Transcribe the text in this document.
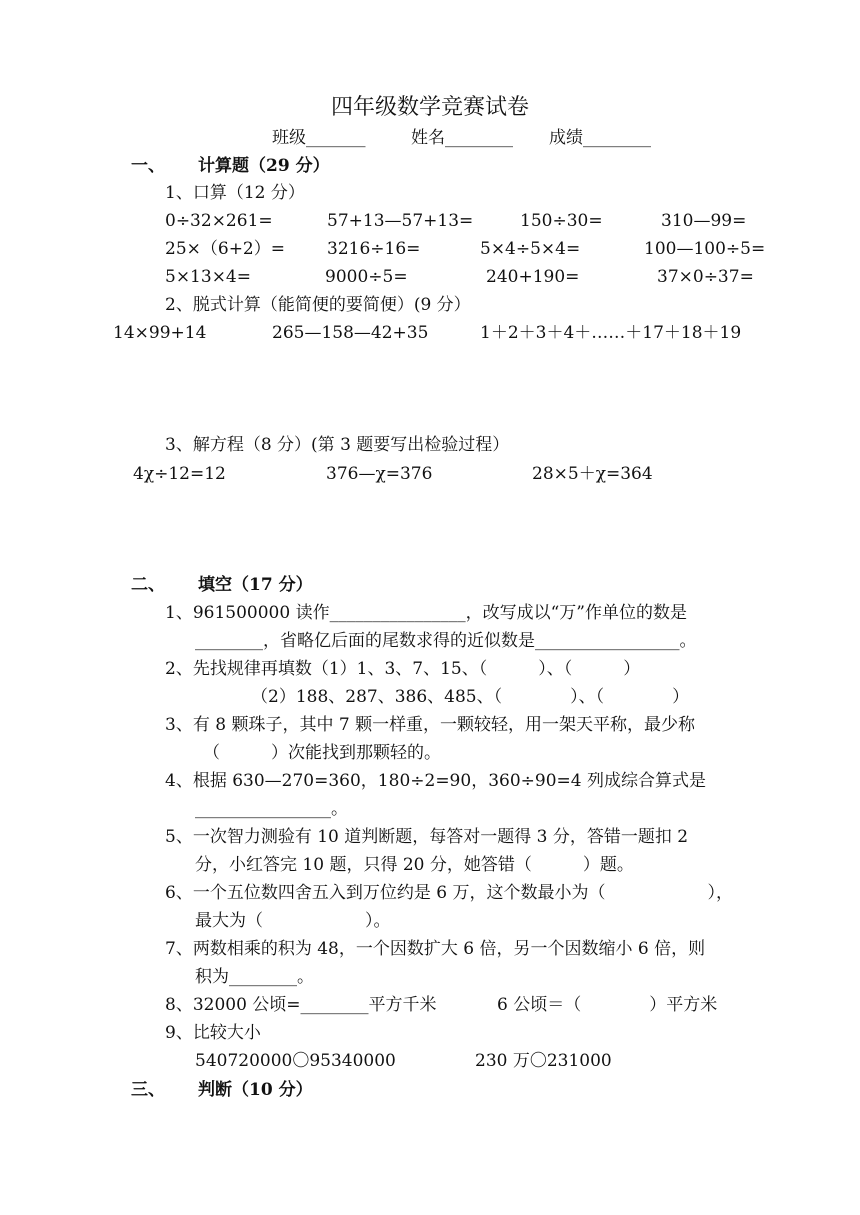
四年级数学竞赛试卷
班级_______	姓名________ 成绩________
一、 计算题（29 分）
1、口算（12 分）
0÷32×261=	57+13—57+13=	150÷30=	310—99=
25×（6+2）= 3216÷16=	5×4÷5×4=	100—100÷5=
5×13×4=	9000÷5=	240+190=	37×0÷37=
2、脱式计算（能简便的要简便）(9 分）
14×99+14	265—158—42+35	1＋2＋3＋4＋……＋17＋18＋19
3、解方程（8 分）(第 3 题要写出检验过程）
4χ÷12=12	376—χ=376	28×5＋χ=364
二、 填空（17 分）
1、961500000 读作________________，改写成以“万”作单位的数是
________，省略亿后面的尾数求得的近似数是_________________。
2、先找规律再填数（1）1、3、7、15、（　　　）、（　　　）
（2）188、287、386、485、（　　　　）、（　　　　）
3、有 8 颗珠子，其中 7 颗一样重，一颗较轻，用一架天平称，最少称
（　　　）次能找到那颗轻的。
4、根据 630—270=360，180÷2=90，360÷90=4 列成综合算式是
________________。
5、一次智力测验有 10 道判断题，每答对一题得 3 分，答错一题扣 2
分，小红答完 10 题，只得 20 分，她答错（　　　）题。
6、一个五位数四舍五入到万位约是 6 万，这个数最小为（　　　　　　），
最大为（　　　　　　）。
7、两数相乘的积为 48，一个因数扩大 6 倍，另一个因数缩小 6 倍，则
积为________。
8、32000 公顷=________平方千米	6 公顷＝（　　　　）平方米
9、比较大小
540720000〇95340000	230 万〇231000
三、 判断（10 分）
